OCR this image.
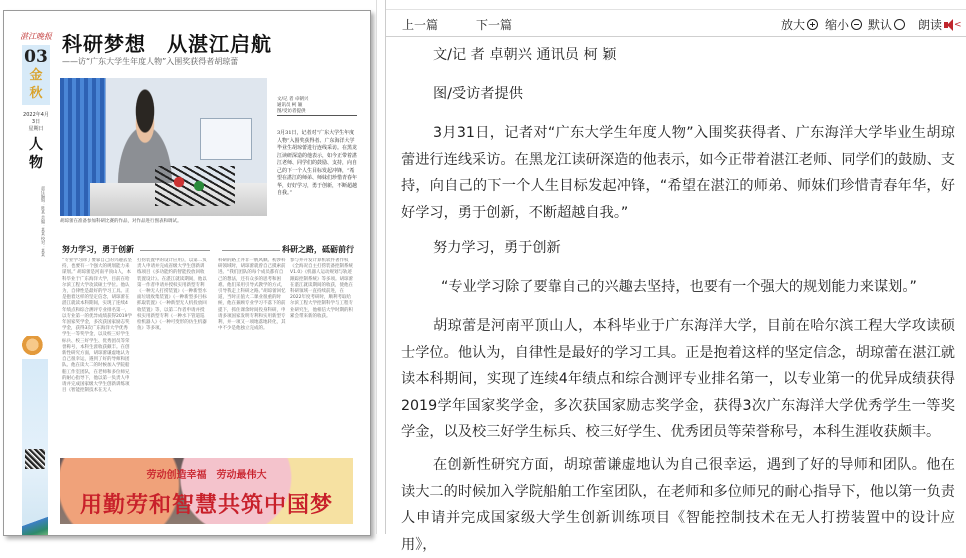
湛江晚报
03
金
秋
2022年4月3日
星期日
人物
责任编辑：陈某 美编：某某 校对：某某
科研梦想　从湛江启航
——访“广东大学生年度人物”入围奖获得者胡琼蕾
胡琼蕾在准备参加科研比赛的作品，对作品进行图表和调试。
文/记 者 卓朝兴
通讯员 柯 颖
图/受访者提供
3月31日，记者对“广东大学生年度人物”入围奖获得者、广东海洋大学毕业生胡琼蕾进行连线采访。在黑龙江读研深造的他表示，如今正带着湛江老师、同学们的鼓励、支持，向自己的下一个人生目标发起冲锋，“希望在湛江的师弟、师妹们珍惜青春年华，好好学习，勇于创新，不断超越自我。”
努力学习，勇于创新	科研之路，砥砺前行
“专业学习除了要靠自己的兴趣去坚持，也要有一个强大的规划能力来谋划。” 胡琼蕾是河南平顶山人，本科毕业于广东海洋大学，目前在哈尔滨工程大学攻读硕士学位。他认为，自律性是最好的学习工具。正是抱着这样的坚定信念，胡琼蕾在湛江就读本科期间，实现了连续4年绩点和综合测评专业排名第一，以专业第一的优异成绩获得2019学年国家奖学金，多次获国家励志奖学金，获得3次广东海洋大学优秀学生一等奖学金，以及校三好学生标兵、校三好学生、优秀团员等荣誉称号，本科生涯收获颇丰。在创新性研究方面，胡琼蕾谦虚地认为自己很幸运，遇到了好的导师和团队。他在读大二的时候加入学院船舶工作室团队，在老师和多位师兄的耐心指导下，他以第一负责人申请并完成国家级大学生创新训练项目《智能控制技术在无人
打捞装置中的设计应用》，以第二负责人申请并完成省级大学生创新训练项目《多功能约的智能投放回收装置设计》。在湛江就读期间，他以第一作者申请并授权实用新型专利《一种无人打捞装置》《一种新型水面垃圾收集装置》《一种新型多目标抓取装置》《一种新型无人机投放回收装置》等，以第二作者申请并授权实用新型专利《一种水下管道巡检机器人》《一种可变形的仿生机器鱼》等多项。
科研的路上并非一帆风顺。初涉科研领域时，胡琼蕾就曾自己摸索前进。“我们团队的每个成员都有自己的想法，还有众多的思考和困难。他们采用引导式教学的方式，引导我走上科研之路。”胡琼蕾回忆道，当时正值大二课业很重的时候，他在兼顾专业学习不落下的前提下，抓住课余时间投身科研，申请多项国家发明专利和实用新型专利，并一项又一项地落地转化，其中不少是他独立完成的。
参与并开发计算机软件著作权《全海况自主打捞装备控制系统V1.0》《机器人运动规划与轨迹跟踪控制系统》等多项。胡琼蕾在湛江就读期间的收获，使他在科研领域一直持续前进，在2022年度考研时，顺利考取哈尔滨工程大学控制科学与工程专业研究生，他相信大学时期的积累会带来新的收获。
劳动创造幸福　劳动最伟大
用勤劳和智慧共筑中国梦
上一篇	下一篇	放大 缩小 默认 朗读 <
文/记 者 卓朝兴 通讯员 柯 颖
图/受访者提供
3月31日，记者对“广东大学生年度人物”入围奖获得者、广东海洋大学毕业生胡琼蕾进行连线采访。在黑龙江读研深造的他表示，如今正带着湛江老师、同学们的鼓励、支持，向自己的下一个人生目标发起冲锋，“希望在湛江的师弟、师妹们珍惜青春年华，好好学习，勇于创新，不断超越自我。”
努力学习，勇于创新
“专业学习除了要靠自己的兴趣去坚持，也要有一个强大的规划能力来谋划。”
胡琼蕾是河南平顶山人，本科毕业于广东海洋大学，目前在哈尔滨工程大学攻读硕士学位。他认为，自律性是最好的学习工具。正是抱着这样的坚定信念，胡琼蕾在湛江就读本科期间，实现了连续4年绩点和综合测评专业排名第一，以专业第一的优异成绩获得2019学年国家奖学金，多次获国家励志奖学金，获得3次广东海洋大学优秀学生一等奖学金，以及校三好学生标兵、校三好学生、优秀团员等荣誉称号，本科生涯收获颇丰。
在创新性研究方面，胡琼蕾谦虚地认为自己很幸运，遇到了好的导师和团队。他在读大二的时候加入学院船舶工作室团队，在老师和多位师兄的耐心指导下，他以第一负责人申请并完成国家级大学生创新训练项目《智能控制技术在无人打捞装置中的设计应用》，
